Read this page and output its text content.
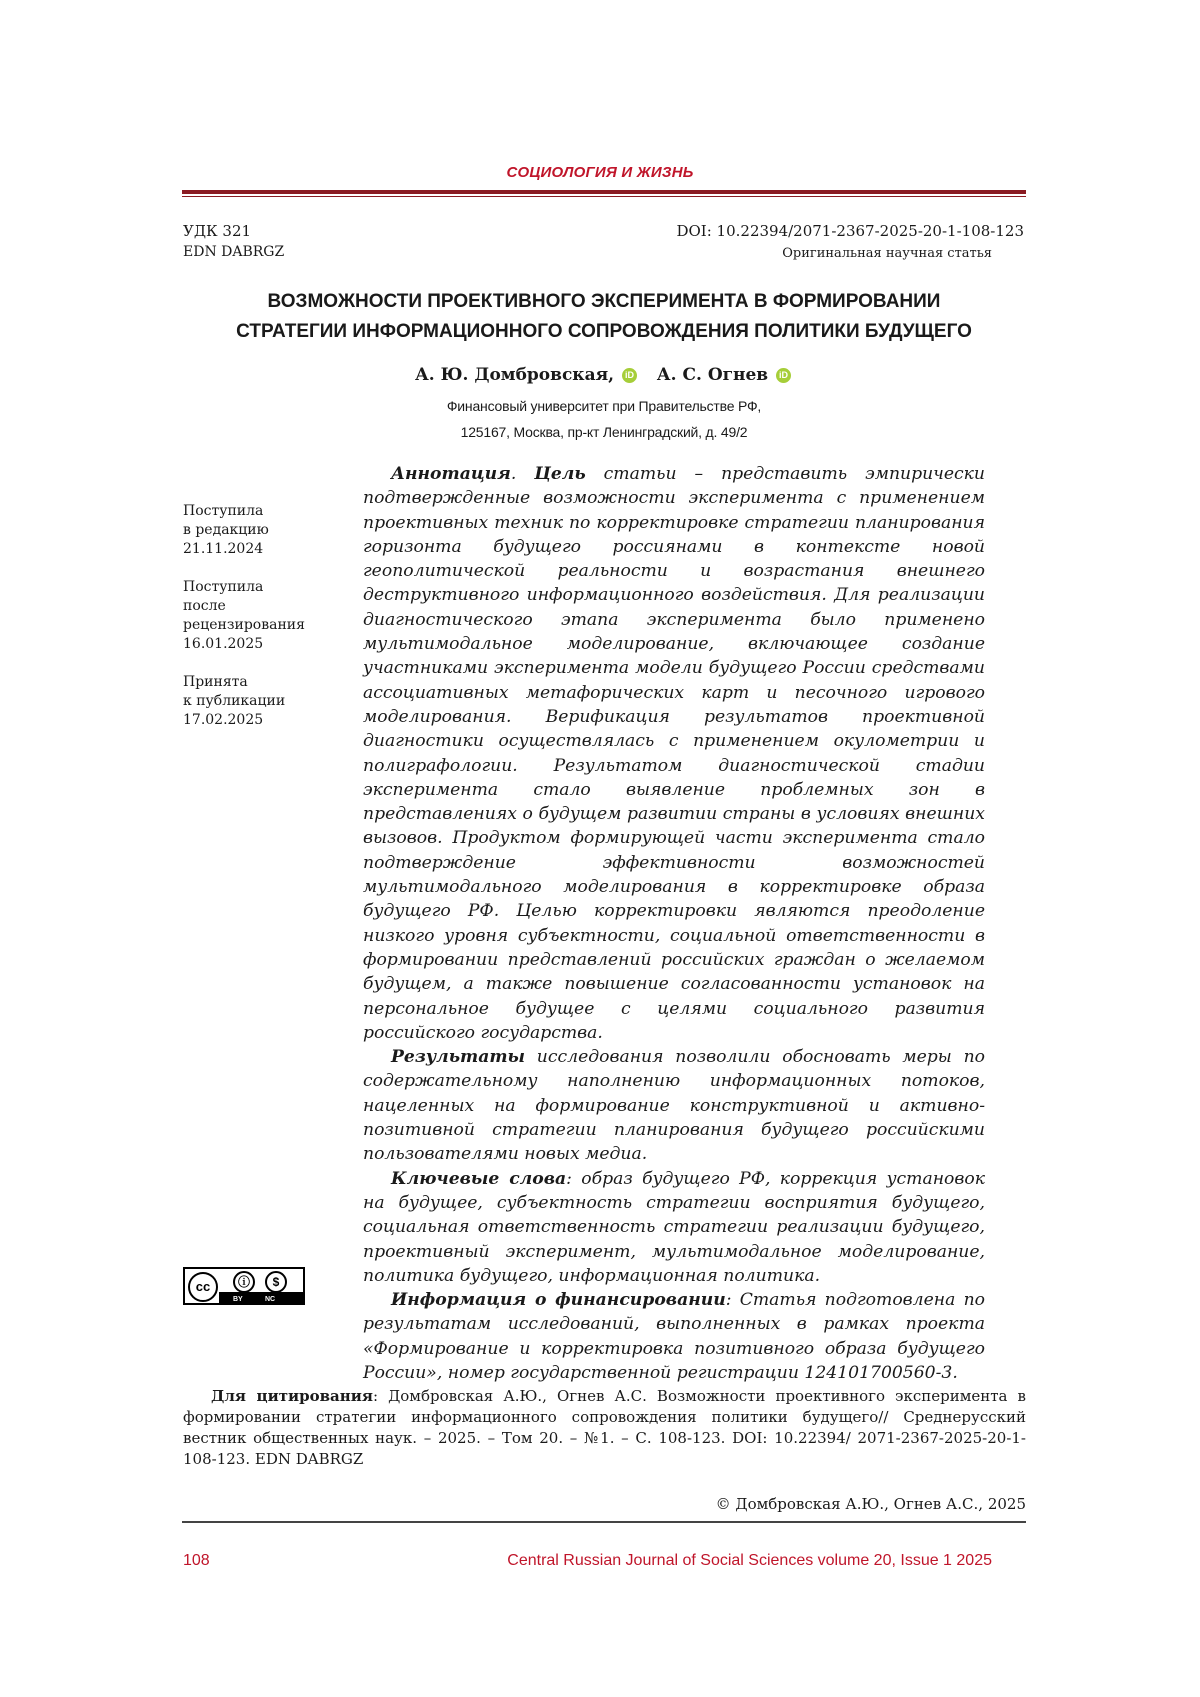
СОЦИОЛОГИЯ И ЖИЗНЬ
УДК 321
EDN DABRGZ
DOI: 10.22394/2071-2367-2025-20-1-108-123
Оригинальная научная статья
ВОЗМОЖНОСТИ ПРОЕКТИВНОГО ЭКСПЕРИМЕНТА В ФОРМИРОВАНИИ
СТРАТЕГИИ ИНФОРМАЦИОННОГО СОПРОВОЖДЕНИЯ ПОЛИТИКИ БУДУЩЕГО
А. Ю. Домбровская, iD А. С. Огнев iD
Финансовый университет при Правительстве РФ,
125167, Москва, пр-кт Ленинградский, д. 49/2
Поступила
в редакцию
21.11.2024
Поступила
после
рецензирования
16.01.2025
Принята
к публикации
17.02.2025
cc	ⓘ	$
BY	NC

Аннотация. Цель статьи – представить эмпирически подтвержденные возможности эксперимента с применением проективных техник по корректировке стратегии планирования горизонта будущего россиянами в контексте новой геополитической реальности и возрастания внешнего деструктивного информационного воздействия. Для реализации диагностического этапа эксперимента было применено мультимодальное моделирование, включающее создание участниками эксперимента модели будущего России средствами ассоциативных метафорических карт и песочного игрового моделирования. Верификация результатов проективной диагностики осуществлялась с применением окулометрии и полиграфологии. Результатом диагностической стадии эксперимента стало выявление проблемных зон в представлениях о будущем развитии страны в условиях внешних вызовов. Продуктом формирующей части эксперимента стало подтверждение эффективности возможностей мультимодального моделирования в корректировке образа будущего РФ. Целью корректировки являются преодоление низкого уровня субъектности, социальной ответственности в формировании представлений российских граждан о желаемом будущем, а также повышение согласованности установок на персональное будущее с целями социального развития российского государства.

Результаты исследования позволили обосновать меры по содержательному наполнению информационных потоков, нацеленных на формирование конструктивной и активно-позитивной стратегии планирования будущего российскими пользователями новых медиа.

Ключевые слова: образ будущего РФ, коррекция установок на будущее, субъектность стратегии восприятия будущего, социальная ответственность стратегии реализации будущего, проективный эксперимент, мультимодальное моделирование, политика будущего, информационная политика.

Информация о финансировании: Статья подготовлена по результатам исследований, выполненных в рамках проекта «Формирование и корректировка позитивного образа будущего России», номер государственной регистрации 124101700560-3.

Для цитирования: Домбровская А.Ю., Огнев А.С. Возможности проективного эксперимента в формировании стратегии информационного сопровождения политики будущего// Среднерусский вестник общественных наук. – 2025. – Том 20. – №1. – С. 108-123. DOI: 10.22394/ 2071-2367-2025-20-1-108-123. EDN DABRGZ

© Домбровская А.Ю., Огнев А.С., 2025
108	Central Russian Journal of Social Sciences volume 20, Issue 1 2025
